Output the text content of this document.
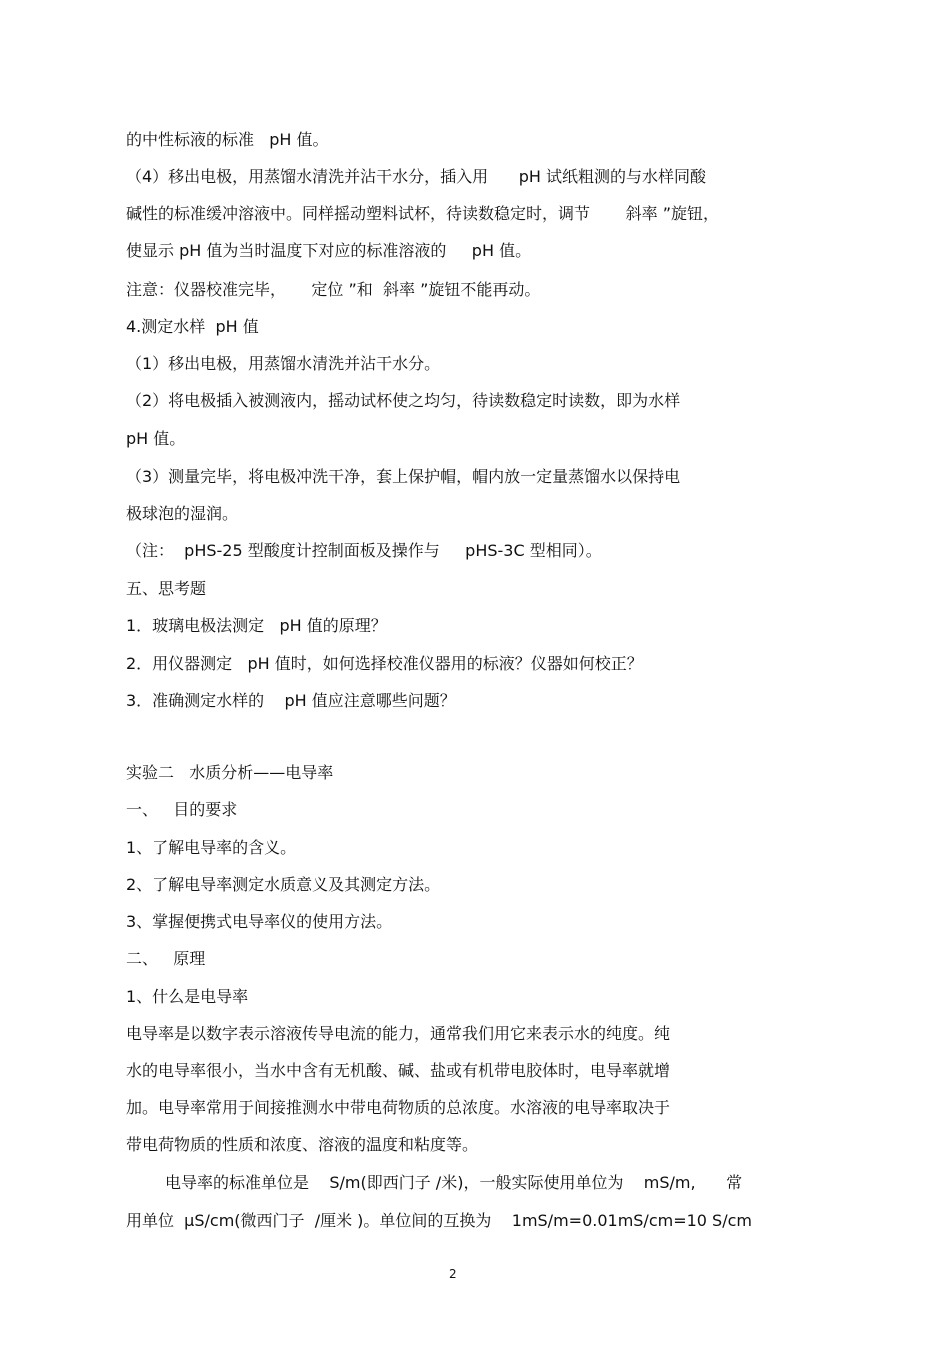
的中性标液的标准   pH 值。
（4）移出电极，用蒸馏水清洗并沾干水分，插入用      pH 试纸粗测的与水样同酸
碱性的标准缓冲溶液中。同样摇动塑料试杯，待读数稳定时，调节       斜率 ”旋钮，
使显示 pH 值为当时温度下对应的标准溶液的     pH 值。
注意：仪器校准完毕，     定位 ”和  斜率 ”旋钮不能再动。
4.测定水样  pH 值
（1）移出电极，用蒸馏水清洗并沾干水分。
（2）将电极插入被测液内，摇动试杯使之均匀，待读数稳定时读数，即为水样
pH 值。
（3）测量完毕，将电极冲洗干净，套上保护帽，帽内放一定量蒸馏水以保持电
极球泡的湿润。
（注：  pHS-25 型酸度计控制面板及操作与     pHS-3C 型相同）。
五、思考题
1．玻璃电极法测定   pH 值的原理？
2．用仪器测定   pH 值时，如何选择校准仪器用的标液？仪器如何校正？
3．准确测定水样的    pH 值应注意哪些问题？
实验二   水质分析——电导率
一、   目的要求
1、了解电导率的含义。
2、了解电导率测定水质意义及其测定方法。
3、掌握便携式电导率仪的使用方法。
二、   原理
1、什么是电导率
电导率是以数字表示溶液传导电流的能力，通常我们用它来表示水的纯度。纯
水的电导率很小，当水中含有无机酸、碱、盐或有机带电胶体时，电导率就增
加。电导率常用于间接推测水中带电荷物质的总浓度。水溶液的电导率取决于
带电荷物质的性质和浓度、溶液的温度和粘度等。
电导率的标准单位是    S/m(即西门子 /米)，一般实际使用单位为    mS/m,      常
用单位  μS/cm(微西门子  /厘米 )。单位间的互换为    1mS/m=0.01mS/cm=10 S/cm
2
